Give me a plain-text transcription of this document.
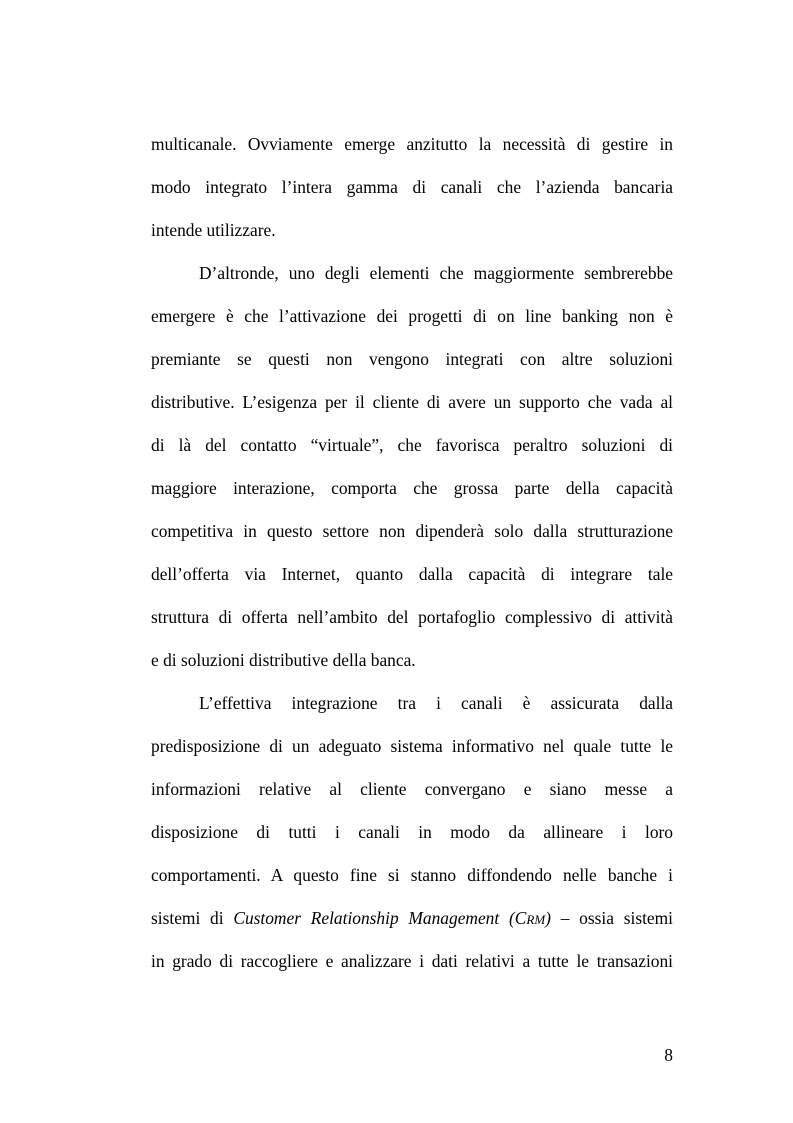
multicanale. Ovviamente emerge anzitutto la necessità di gestire in
modo integrato l’intera gamma di canali che l’azienda bancaria
intende utilizzare.
D’altronde, uno degli elementi che maggiormente sembrerebbe
emergere è che l’attivazione dei progetti di on line banking non è
premiante se questi non vengono integrati con altre soluzioni
distributive. L’esigenza per il cliente di avere un supporto che vada al
di là del contatto “virtuale”, che favorisca peraltro soluzioni di
maggiore interazione, comporta che grossa parte della capacità
competitiva in questo settore non dipenderà solo dalla strutturazione
dell’offerta via Internet, quanto dalla capacità di integrare tale
struttura di offerta nell’ambito del portafoglio complessivo di attività
e di soluzioni distributive della banca.
L’effettiva integrazione tra i canali è assicurata dalla
predisposizione di un adeguato sistema informativo nel quale tutte le
informazioni relative al cliente convergano e siano messe a
disposizione di tutti i canali in modo da allineare i loro
comportamenti. A questo fine si stanno diffondendo nelle banche i
sistemi di Customer Relationship Management (CRM) – ossia sistemi
in grado di raccogliere e analizzare i dati relativi a tutte le transazioni
8
